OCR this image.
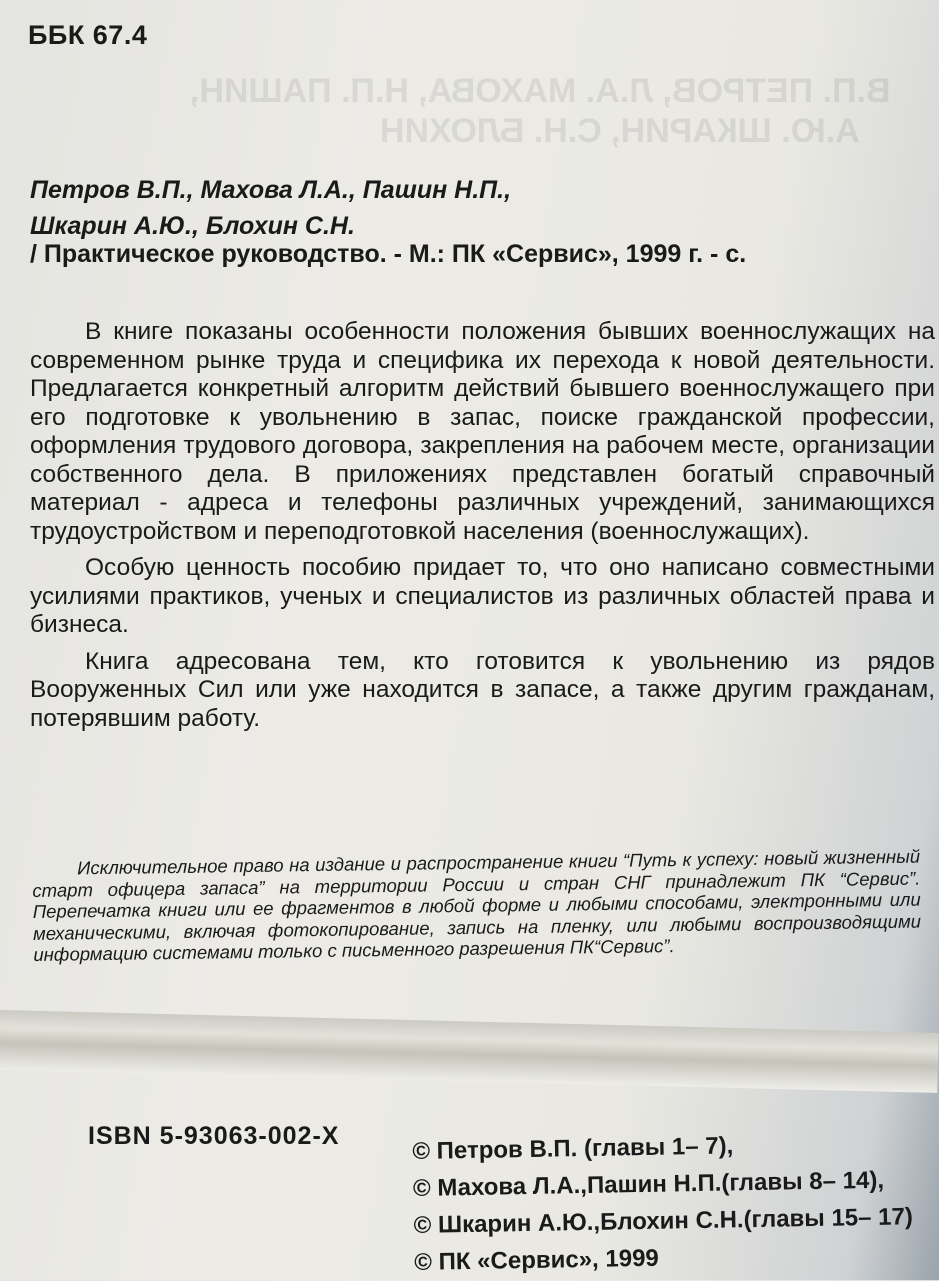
ББК 67.4
В.П. ПЕТРОВ, Л.А. МАХОВА, Н.П. ПАШИН,
А.Ю. ШКАРИН, С.Н. БЛОХИН
Петров В.П., Махова Л.А., Пашин Н.П.,
Шкарин А.Ю., Блохин С.Н.
/ Практическое руководство. - М.: ПК «Сервис», 1999 г. - с.

В книге показаны особенности положения бывших военнослужащих на современном рынке труда и специфика их перехода к новой деятельности. Предлагается конкретный алгоритм действий бывшего военнослужащего при его подготовке к увольнению в запас, поиске гражданской профессии, оформления трудового договора, закрепления на рабочем месте, организации собственного дела. В приложениях представлен богатый справочный материал - адреса и телефоны различных учреждений, занимающихся трудоустройством и переподготовкой населения (военнослужащих).

Особую ценность пособию придает то, что оно написано совместными усилиями практиков, ученых и специалистов из различных областей права и бизнеса.

Книга адресована тем, кто готовится к увольнению из рядов Вооруженных Сил или уже находится в запасе, а также другим гражданам, потерявшим работу.

Исключительное право на издание и распространение книги “Путь к успеху: новый жизненный старт офицера запаса” на территории России и стран СНГ принадлежит ПК “Сервис”. Перепечатка книги или ее фрагментов в любой форме и любыми способами, электронными или механическими, включая фотокопирование, запись на пленку, или любыми воспроизводящими информацию системами только с письменного разрешения ПК“Сервис”.
ISBN 5-93063-002-X	© Петров В.П. (главы 1– 7),
© Махова Л.А.,Пашин Н.П.(главы 8– 14),
© Шкарин А.Ю.,Блохин С.Н.(главы 15– 17)
© ПК «Сервис», 1999
